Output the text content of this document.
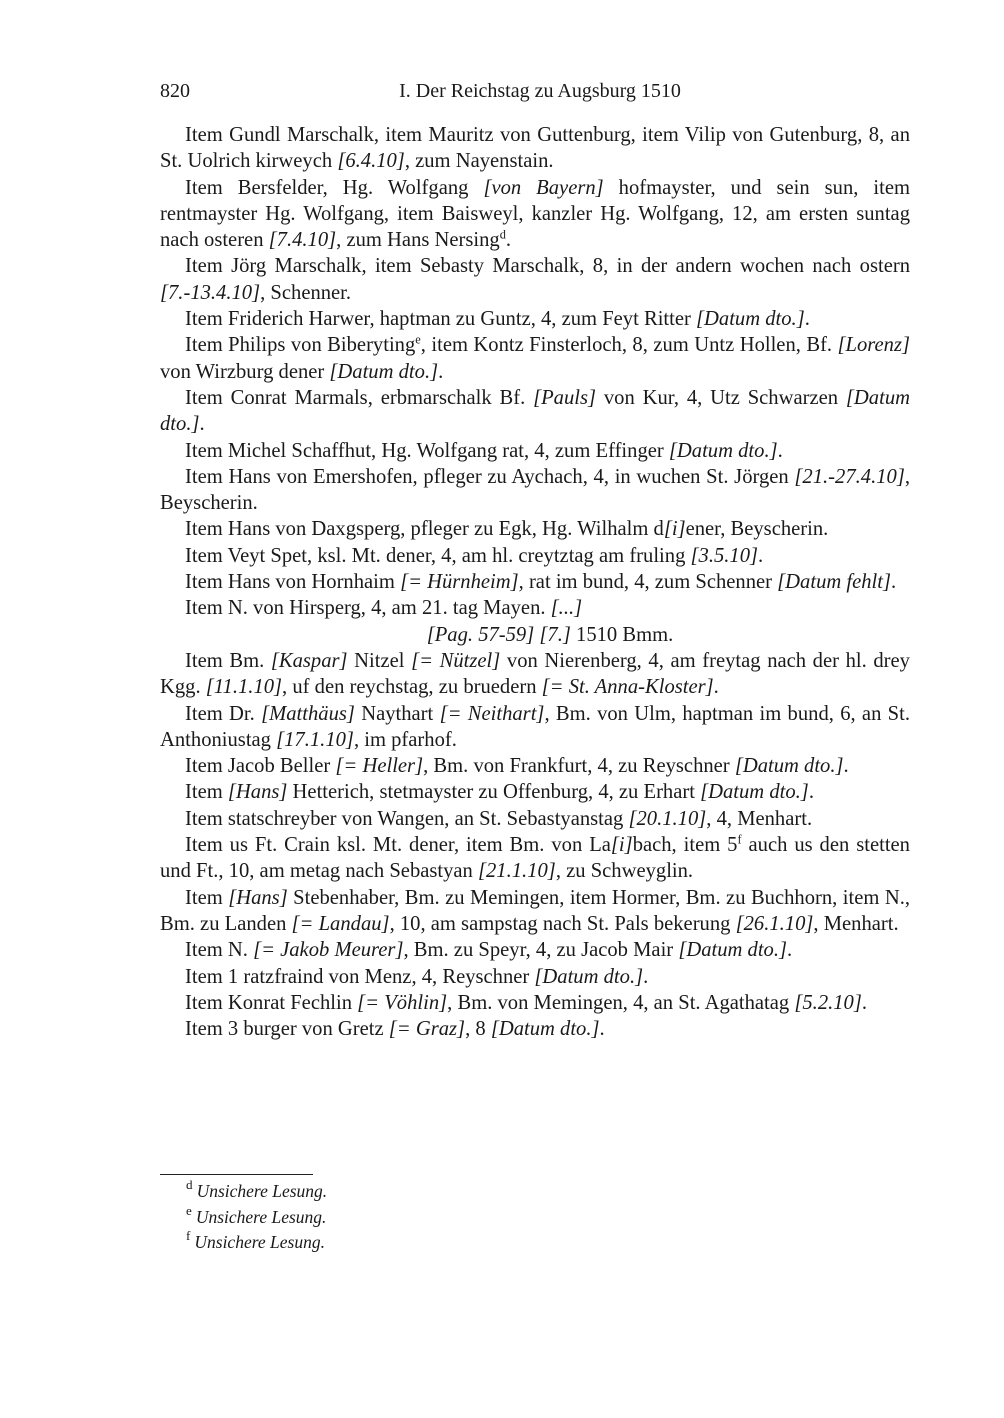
820	I. Der Reichstag zu Augsburg 1510

Item Gundl Marschalk, item Mauritz von Guttenburg, item Vilip von Gutenburg, 8, an St. Uolrich kirweych [6.4.10], zum Nayenstain.

Item Bersfelder, Hg. Wolfgang [von Bayern] hofmayster, und sein sun, item rentmayster Hg. Wolfgang, item Baisweyl, kanzler Hg. Wolfgang, 12, am ersten suntag nach osteren [7.4.10], zum Hans Nersing$^d$.

Item Jörg Marschalk, item Sebasty Marschalk, 8, in der andern wochen nach ostern [7.-13.4.10], Schenner.

Item Friderich Harwer, haptman zu Guntz, 4, zum Feyt Ritter [Datum dto.].

Item Philips von Biberyting$^e$, item Kontz Finsterloch, 8, zum Untz Hollen, Bf. [Lorenz] von Wirzburg dener [Datum dto.].

Item Conrat Marmals, erbmarschalk Bf. [Pauls] von Kur, 4, Utz Schwarzen [Datum dto.].

Item Michel Schaffhut, Hg. Wolfgang rat, 4, zum Effinger [Datum dto.].

Item Hans von Emershofen, pfleger zu Aychach, 4, in wuchen St. Jörgen [21.-27.4.10], Beyscherin.

Item Hans von Daxgsperg, pfleger zu Egk, Hg. Wilhalm d[i]ener, Beyscherin.

Item Veyt Spet, ksl. Mt. dener, 4, am hl. creytztag am fruling [3.5.10].

Item Hans von Hornhaim [= Hürnheim], rat im bund, 4, zum Schenner [Datum fehlt].

Item N. von Hirsperg, 4, am 21. tag Mayen. [...]

[Pag. 57-59] [7.] 1510 Bmm.

Item Bm. [Kaspar] Nitzel [= Nützel] von Nierenberg, 4, am freytag nach der hl. drey Kgg. [11.1.10], uf den reychstag, zu bruedern [= St. Anna-Kloster].

Item Dr. [Matthäus] Naythart [= Neithart], Bm. von Ulm, haptman im bund, 6, an St. Anthoniustag [17.1.10], im pfarhof.

Item Jacob Beller [= Heller], Bm. von Frankfurt, 4, zu Reyschner [Datum dto.].

Item [Hans] Hetterich, stetmayster zu Offenburg, 4, zu Erhart [Datum dto.].

Item statschreyber von Wangen, an St. Sebastyanstag [20.1.10], 4, Menhart.

Item us Ft. Crain ksl. Mt. dener, item Bm. von La[i]bach, item 5$^f$ auch us den stetten und Ft., 10, am metag nach Sebastyan [21.1.10], zu Schweyglin.

Item [Hans] Stebenhaber, Bm. zu Memingen, item Hormer, Bm. zu Buchhorn, item N., Bm. zu Landen [= Landau], 10, am sampstag nach St. Pals bekerung [26.1.10], Menhart.

Item N. [= Jakob Meurer], Bm. zu Speyr, 4, zu Jacob Mair [Datum dto.].

Item 1 ratzfraind von Menz, 4, Reyschner [Datum dto.].

Item Konrat Fechlin [= Vöhlin], Bm. von Memingen, 4, an St. Agathatag [5.2.10].

Item 3 burger von Gretz [= Graz], 8 [Datum dto.].

$^d$ Unsichere Lesung.
$^e$ Unsichere Lesung.
$^f$ Unsichere Lesung.
